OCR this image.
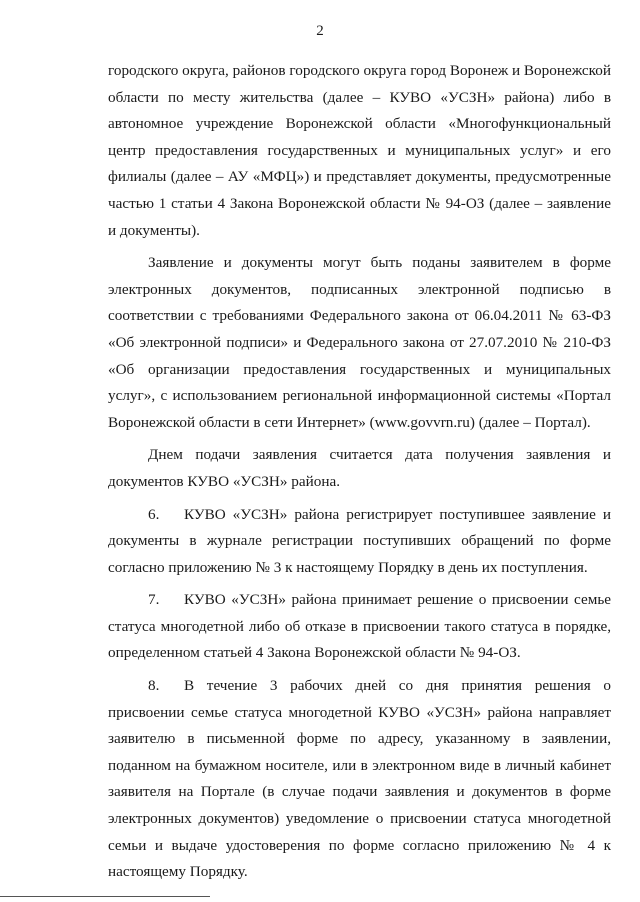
2

городского округа, районов городского округа город Воронеж и Воронежской области по месту жительства (далее – КУВО «УСЗН» района) либо в автономное учреждение Воронежской области «Многофункциональный центр предоставления государственных и муниципальных услуг» и его филиалы (далее – АУ «МФЦ») и представляет документы, предусмотренные частью 1 статьи 4 Закона Воронежской области № 94-ОЗ (далее – заявление и документы).

Заявление и документы могут быть поданы заявителем в форме электронных документов, подписанных электронной подписью в соответствии с требованиями Федерального закона от 06.04.2011 № 63-ФЗ «Об электронной подписи» и Федерального закона от 27.07.2010 № 210-ФЗ «Об организации предоставления государственных и муниципальных услуг», с использованием региональной информационной системы «Портал Воронежской области в сети Интернет» (www.govvrn.ru) (далее – Портал).

Днем подачи заявления считается дата получения заявления и документов КУВО «УСЗН» района.

6. КУВО «УСЗН» района регистрирует поступившее заявление и документы в журнале регистрации поступивших обращений по форме согласно приложению № 3 к настоящему Порядку в день их поступления.

7. КУВО «УСЗН» района принимает решение о присвоении семье статуса многодетной либо об отказе в присвоении такого статуса в порядке, определенном статьей 4 Закона Воронежской области № 94-ОЗ.

8. В течение 3 рабочих дней со дня принятия решения о присвоении семье статуса многодетной КУВО «УСЗН» района направляет заявителю в письменной форме по адресу, указанному в заявлении, поданном на бумажном носителе, или в электронном виде в личный кабинет заявителя на Портале (в случае подачи заявления и документов в форме электронных документов) уведомление о присвоении статуса многодетной семьи и выдаче удостоверения по форме согласно приложению № 4 к настоящему Порядку.
